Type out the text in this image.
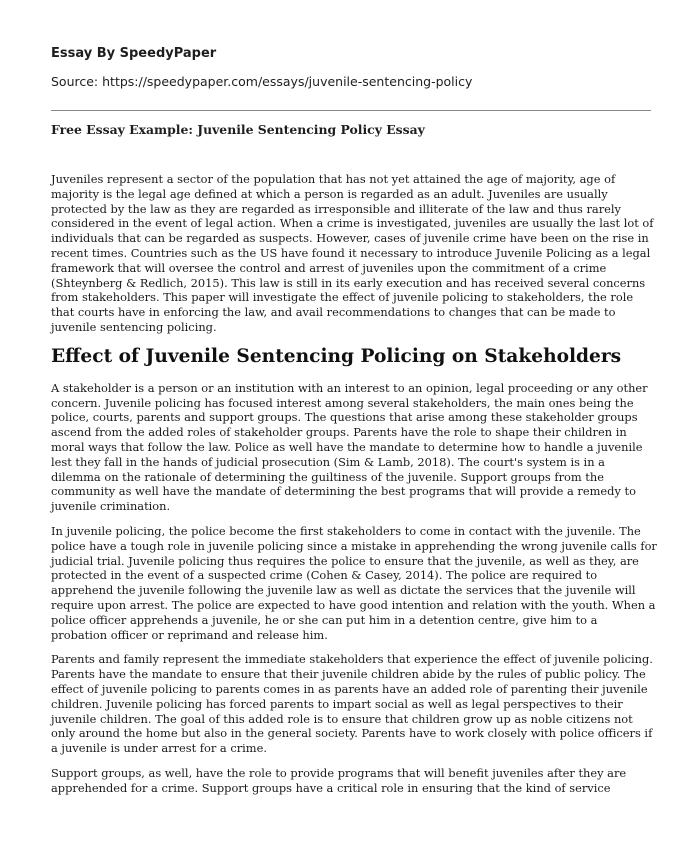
Essay By SpeedyPaper
Source: https://speedypaper.com/essays/juvenile-sentencing-policy
Free Essay Example: Juvenile Sentencing Policy Essay

Juveniles represent a sector of the population that has not yet attained the age of majority, age of majority is the legal age defined at which a person is regarded as an adult. Juveniles are usually protected by the law as they are regarded as irresponsible and illiterate of the law and thus rarely considered in the event of legal action. When a crime is investigated, juveniles are usually the last lot of individuals that can be regarded as suspects. However, cases of juvenile crime have been on the rise in recent times. Countries such as the US have found it necessary to introduce Juvenile Policing as a legal framework that will oversee the control and arrest of juveniles upon the commitment of a crime (Shteynberg & Redlich, 2015). This law is still in its early execution and has received several concerns from stakeholders. This paper will investigate the effect of juvenile policing to stakeholders, the role that courts have in enforcing the law, and avail recommendations to changes that can be made to juvenile sentencing policing.

Effect of Juvenile Sentencing Policing on Stakeholders

A stakeholder is a person or an institution with an interest to an opinion, legal proceeding or any other concern. Juvenile policing has focused interest among several stakeholders, the main ones being the police, courts, parents and support groups. The questions that arise among these stakeholder groups ascend from the added roles of stakeholder groups. Parents have the role to shape their children in moral ways that follow the law. Police as well have the mandate to determine how to handle a juvenile lest they fall in the hands of judicial prosecution (Sim & Lamb, 2018). The court's system is in a dilemma on the rationale of determining the guiltiness of the juvenile. Support groups from the community as well have the mandate of determining the best programs that will provide a remedy to juvenile crimination.

In juvenile policing, the police become the first stakeholders to come in contact with the juvenile. The police have a tough role in juvenile policing since a mistake in apprehending the wrong juvenile calls for judicial trial. Juvenile policing thus requires the police to ensure that the juvenile, as well as they, are protected in the event of a suspected crime (Cohen & Casey, 2014). The police are required to apprehend the juvenile following the juvenile law as well as dictate the services that the juvenile will require upon arrest. The police are expected to have good intention and relation with the youth. When a police officer apprehends a juvenile, he or she can put him in a detention centre, give him to a probation officer or reprimand and release him.

Parents and family represent the immediate stakeholders that experience the effect of juvenile policing. Parents have the mandate to ensure that their juvenile children abide by the rules of public policy. The effect of juvenile policing to parents comes in as parents have an added role of parenting their juvenile children. Juvenile policing has forced parents to impart social as well as legal perspectives to their juvenile children. The goal of this added role is to ensure that children grow up as noble citizens not only around the home but also in the general society. Parents have to work closely with police officers if a juvenile is under arrest for a crime.

Support groups, as well, have the role to provide programs that will benefit juveniles after they are apprehended for a crime. Support groups have a critical role in ensuring that the kind of service
